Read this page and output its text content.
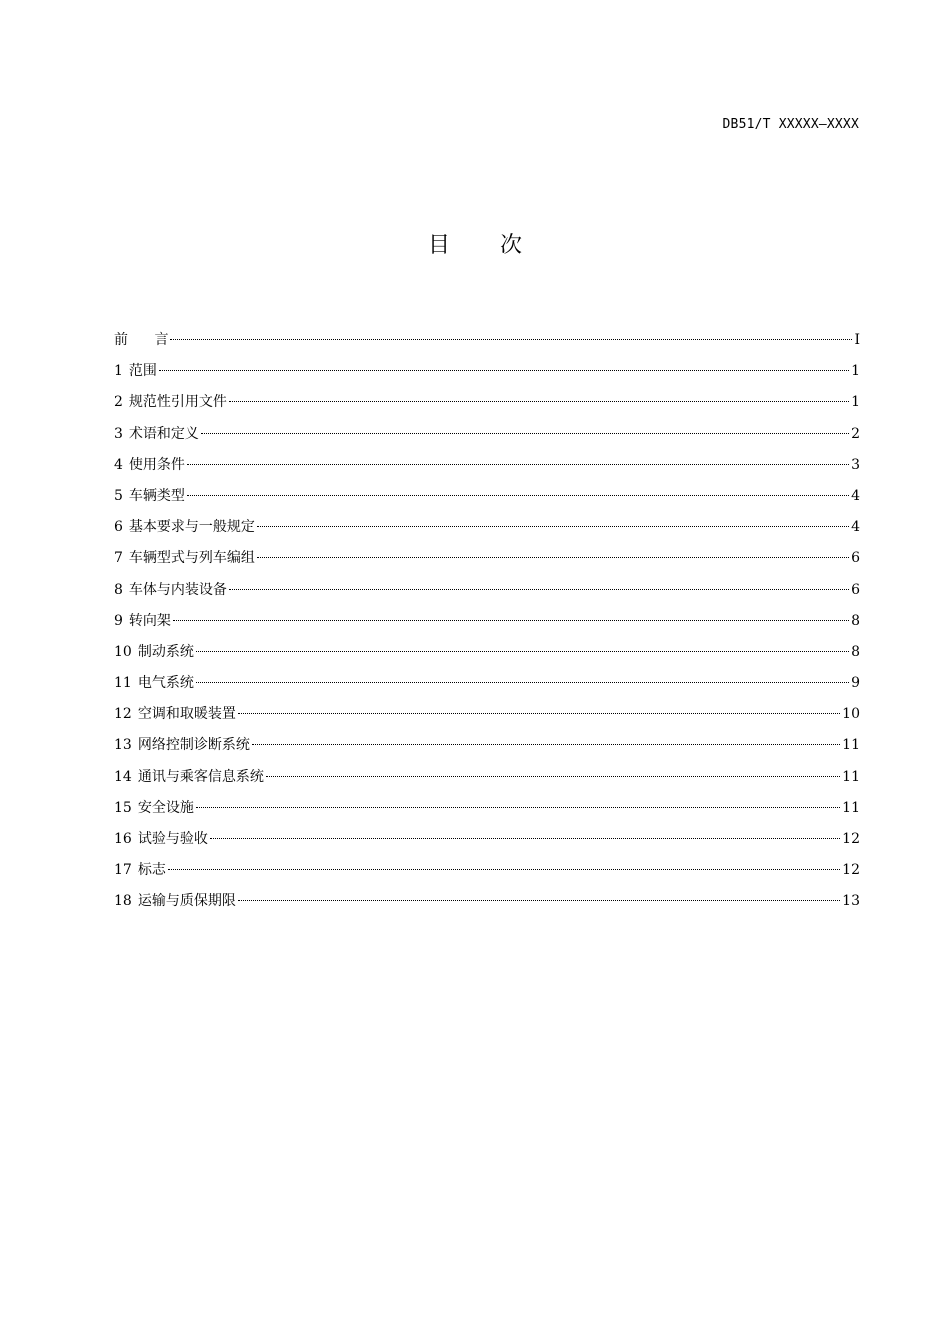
DB51/T XXXXX—XXXX
目 次
前 言	I
1 范围	1
2 规范性引用文件	1
3 术语和定义	2
4 使用条件	3
5 车辆类型	4
6 基本要求与一般规定	4
7 车辆型式与列车编组	6
8 车体与内装设备	6
9 转向架	8
10 制动系统	8
11 电气系统	9
12 空调和取暖装置	10
13 网络控制诊断系统	11
14 通讯与乘客信息系统	11
15 安全设施	11
16 试验与验收	12
17 标志	12
18 运输与质保期限	13
